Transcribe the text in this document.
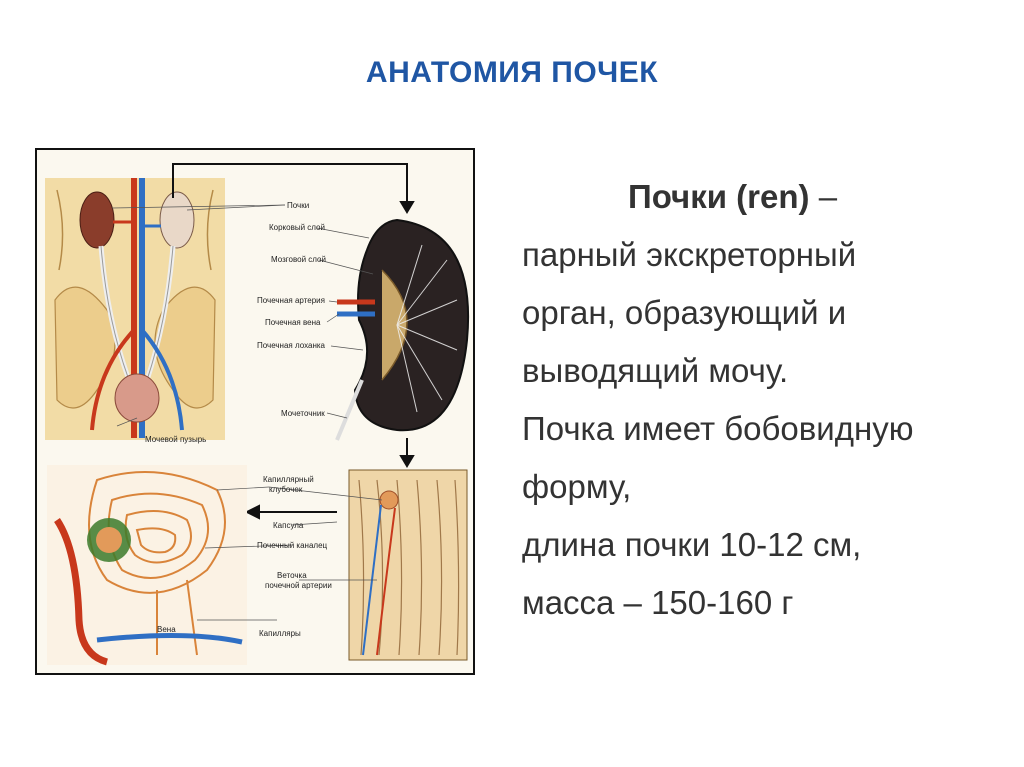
АНАТОМИЯ ПОЧЕК
Почки
Корковый слой
Мозговой слой
Почечная артерия
Почечная вена
Почечная лоханка
Мочеточник
Мочевой пузырь
Капиллярный
клубочек
Капсула
Почечный каналец
Веточка
почечной артерии
Вена	Капилляры
Почки (ren) –
парный экскреторный
орган, образующий и
выводящий мочу.
Почка имеет бобовидную
форму,
длина почки 10-12 см,
масса – 150-160 г
